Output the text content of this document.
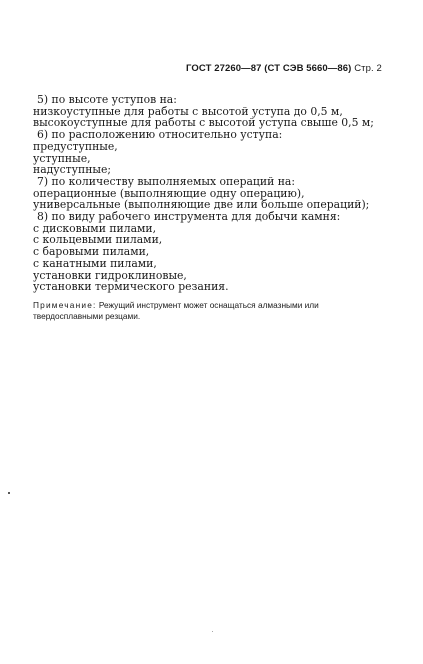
ГОСТ 27260—87 (СТ СЭВ 5660—86) Стр. 2
5) по высоте уступов на:
низкоуступные для работы с высотой уступа до 0,5 м,
высокоуступные для работы с высотой уступа свыше 0,5 м;
6) по расположению относительно уступа:
предуступные,
уступные,
надуступные;
7) по количеству выполняемых операций на:
операционные (выполняющие одну операцию),
универсальные (выполняющие две или больше операций);
8) по виду рабочего инструмента для добычи камня:
с дисковыми пилами,
с кольцевыми пилами,
с баровыми пилами,
с канатными пилами,
установки гидроклиновые,
установки термического резания.
Примечание: Режущий инструмент может оснащаться алмазными или
твердосплавными резцами.
